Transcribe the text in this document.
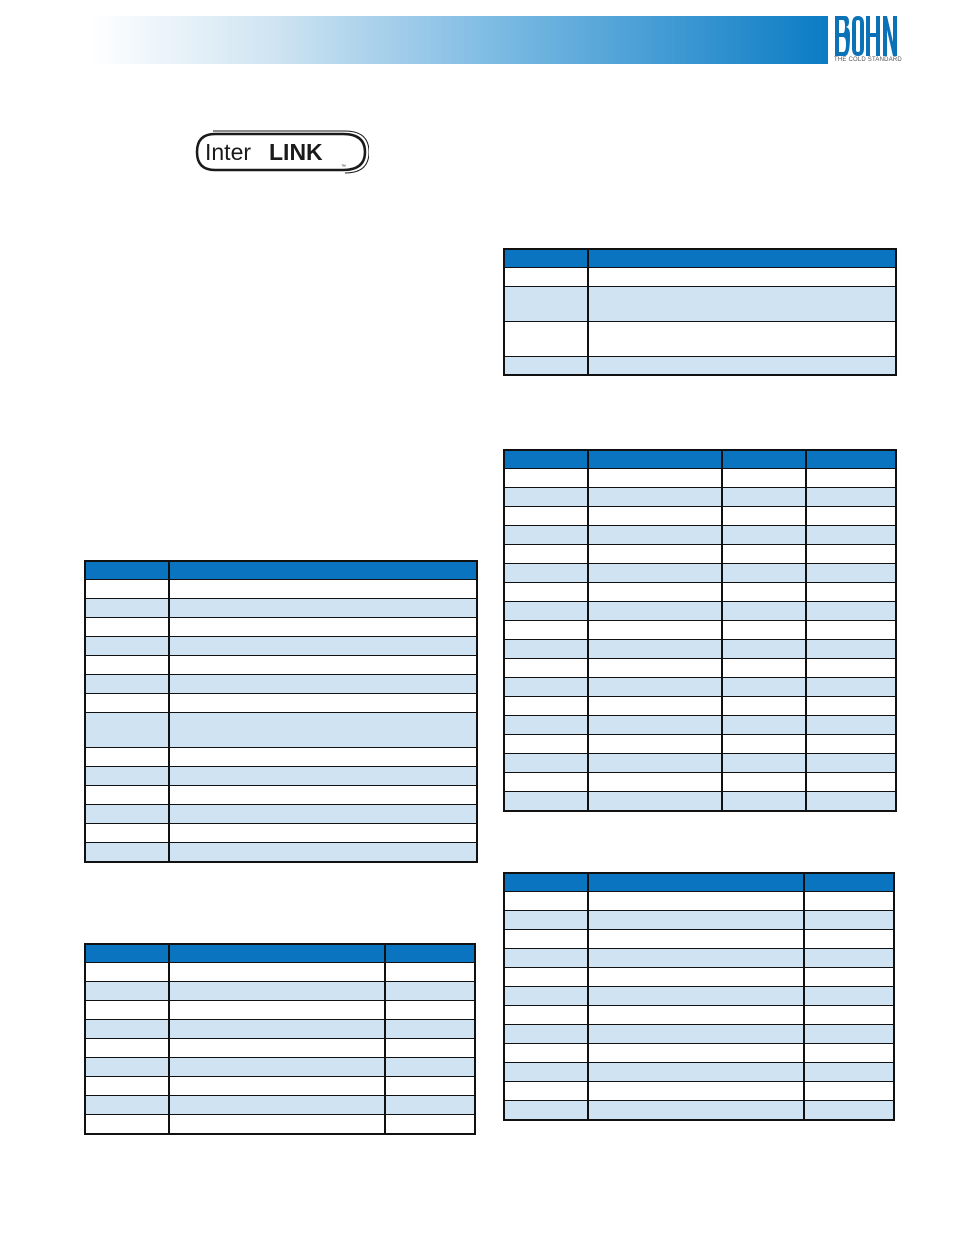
THE COLD STANDARD
Inter LINK
™
